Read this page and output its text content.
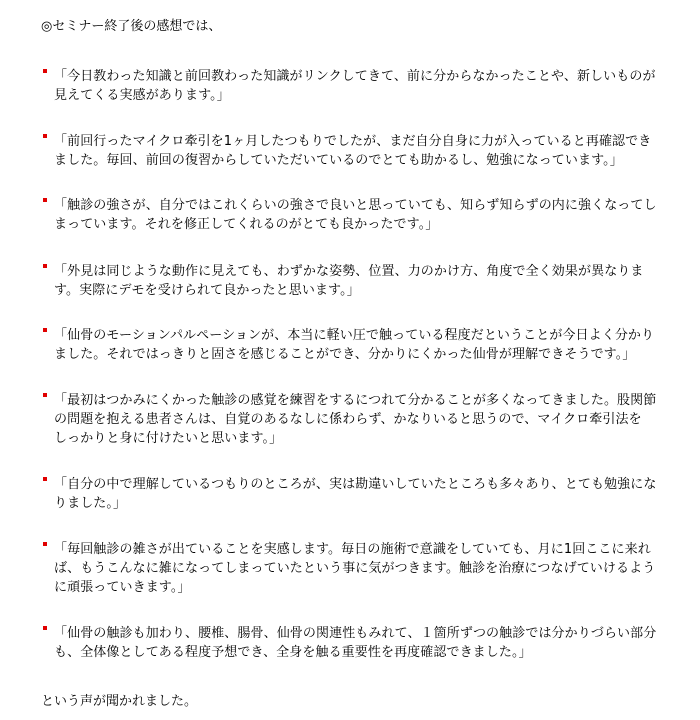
◎セミナー終了後の感想では、
「今日教わった知識と前回教わった知識がリンクしてきて、前に分からなかったことや、新しいものが見えてくる実感があります。」
「前回行ったマイクロ牽引を1ヶ月したつもりでしたが、まだ自分自身に力が入っていると再確認できました。毎回、前回の復習からしていただいているのでとても助かるし、勉強になっています。」
「触診の強さが、自分ではこれくらいの強さで良いと思っていても、知らず知らずの内に強くなってしまっています。それを修正してくれるのがとても良かったです。」
「外見は同じような動作に見えても、わずかな姿勢、位置、力のかけ方、角度で全く効果が異なります。実際にデモを受けられて良かったと思います。」
「仙骨のモーションパルペーションが、本当に軽い圧で触っている程度だということが今日よく分かりました。それではっきりと固さを感じることができ、分かりにくかった仙骨が理解できそうです。」
「最初はつかみにくかった触診の感覚を練習をするにつれて分かることが多くなってきました。股関節　の問題を抱える患者さんは、自覚のあるなしに係わらず、かなりいると思うので、マイクロ牽引法を　しっかりと身に付けたいと思います。」
「自分の中で理解しているつもりのところが、実は勘違いしていたところも多々あり、とても勉強になりました。」
「毎回触診の雑さが出ていることを実感します。毎日の施術で意識をしていても、月に1回ここに来れば、もうこんなに雑になってしまっていたという事に気がつきます。触診を治療につなげていけるように頑張っていきます。」
「仙骨の触診も加わり、腰椎、腸骨、仙骨の関連性もみれて、１箇所ずつの触診では分かりづらい部分も、全体像としてある程度予想でき、全身を触る重要性を再度確認できました。」
という声が聞かれました。
